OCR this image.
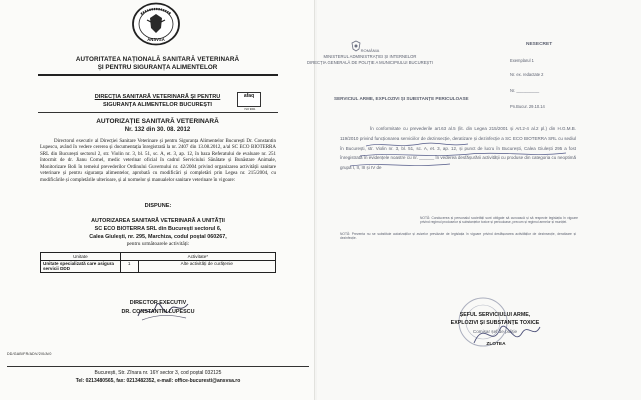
ANSVSA
AUTORITATEA NAȚIONALĂ SANITARĂ VETERINARĂ
ȘI PENTRU SIGURANȚA ALIMENTELOR
DIRECȚIA SANITARĂ VETERINARĂ ȘI PENTRU
SIGURANȚA ALIMENTELOR BUCUREȘTI
afaq
ISO 9001
AUTORIZAȚIE SANITARĂ VETERINARĂ
Nr. 132 din 30. 08. 2012
Directorul executiv al Direcției Sanitare Veterinare și pentru Siguranța Alimentelor București Dr. Constantin Lupescu, având în vedere cererea și documentația înregistrată la nr. 2407 din 13.08.2012, a/al SC ECO BIOTERRA SRL din București sectorul 2, str. Violin nr. 3, bl. 51, sc. A, et. 3, ap. 12, în baza Referatului de evaluare nr. 251 întocmit de dr. Jianu Cornel, medic veterinar oficial în cadrul Serviciului Sănătate și Bunăstare Animale, Monitorizare Boli în temeiul prevederilor Ordinului Guvernului nr. 42/2004 privind organizarea activității sanitare veterinare și pentru siguranța alimentelor, aprobată cu modificări și completări prin Legea nr. 215/2004, cu modificările și completările ulterioare, și al normelor și manualelor sanitare veterinare în vigoare:
DISPUNE:
AUTORIZAREA SANITARĂ VETERINARĂ A UNITĂȚII
SC ECO BIOTERRA SRL din București sectorul 6,
Calea Giulești, nr. 295, Marchiza, codul poștal 060267,
pentru următoarele activități:
Unitate	Activitate*	
Unitate specializată care asigura servicii DDD	1	Alte activități de curățenie
DIRECTOR EXECUTIV
DR. CONSTANTIN LUPESCU
DD/GAB/FR/ADV/2/0/A/0
București, Str. Zînara nr. 16Y sector 3, cod poștal 032125
Tel: 0213480565, fax: 0213482352, e-mail: office-bucuresti@ansvsa.ro
ROMÂNIA
MINISTERUL ADMINISTRAȚIEI ȘI INTERNELOR
DIRECȚIA GENERALĂ DE POLIȚIE A MUNICIPIULUI BUCUREȘTI
NESECRET
Exemplarul 1
Nr. ex. redactate 2
Nr. __________
Pn.Bucur. 29.10.14
SERVICIUL ARME, EXPLOZIVI ȘI SUBSTANȚE PERICULOASE
În conformitate cu prevederile art.63 al.5 (lit. din Legea 215/2001 și Art.2-4 al.2 pl.) din H.G.M.B. 119/2010 privind funcționarea serviciilor de dezinsecție, deratizare și dezinfecție a SC ECO BIOTERRA SRL cu sediul în București, str. Violin nr. 3, bl. 51, sc. A, et. 3, ap. 12, și punct de lucru în București, Calea Giulești 295 a fost înregistrată în evidențele noastre cu nr. ______ în vederea desfășurării activității cu produse din categoria cu neoptimă grupa I, II, III și IV de
NOTĂ: Conducerea și personalul societății sunt obligate să cunoască și să respecte legislația în vigoare privind regimul produselor și substanțelor toxice și periculoase, precum și regimul armelor și muniției.
NOTĂ: Prezenta nu se substituie autorizațiilor și avizelor prevăzute de legislația în vigoare privind desfășurarea activităților de dezinsecție, deratizare și dezinfecție.
ȘEFUL SERVICIULUI ARME,
EXPLOZIVI ȘI SUBSTANȚE TOXICE
Comisar șef de poliție
ZLOTEA
